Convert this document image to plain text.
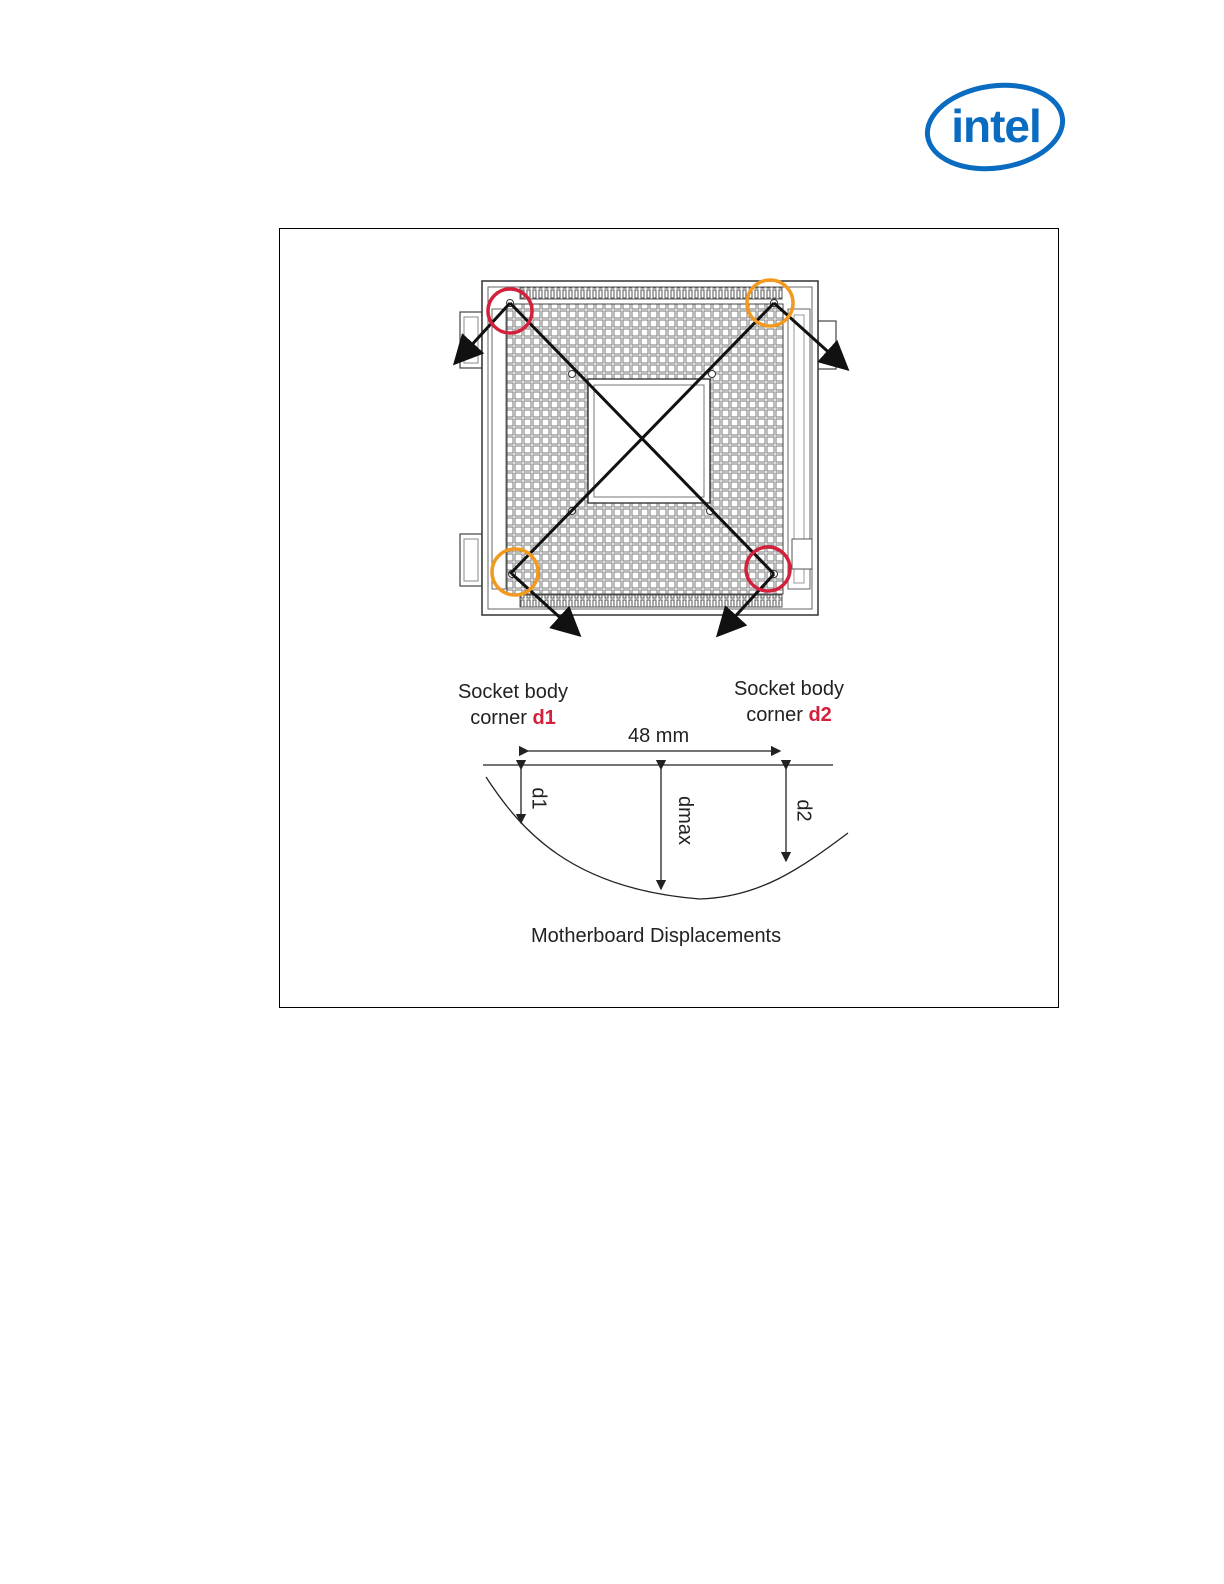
intel
Socket body
corner d1
Socket body
corner d2
48 mm
d1	dmax	d2
Motherboard Displacements
